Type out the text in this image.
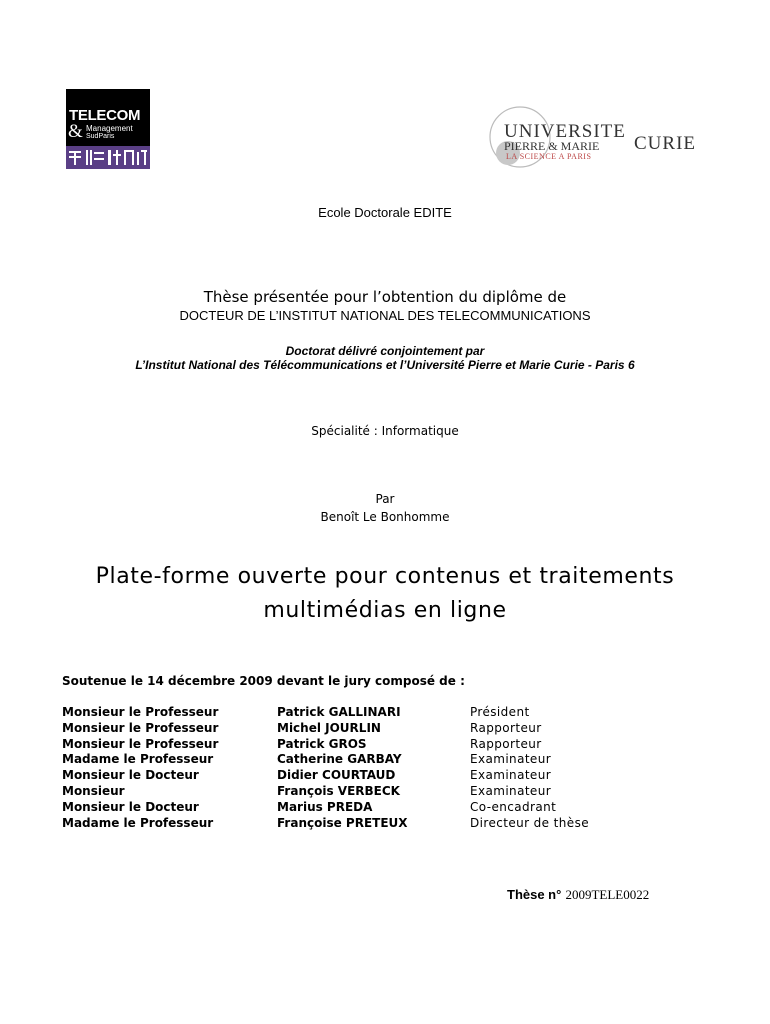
TELECOM
& Management
SudParis	UNIVERSITE
PIERRE & MARIE CURIE
LA SCIENCE A PARIS
Ecole Doctorale EDITE
Thèse présentée pour l’obtention du diplôme de
DOCTEUR DE L’INSTITUT NATIONAL DES TELECOMMUNICATIONS
Doctorat délivré conjointement par
L’Institut National des Télécommunications et l’Université Pierre et Marie Curie - Paris 6
Spécialité : Informatique
Par
Benoît Le Bonhomme
Plate-forme ouverte pour contenus et traitements
multimédias en ligne
Soutenue le 14 décembre 2009 devant le jury composé de :
Monsieur le Professeur	Patrick GALLINARI	Président
Monsieur le Professeur	Michel JOURLIN	Rapporteur
Monsieur le Professeur	Patrick GROS	Rapporteur
Madame le Professeur	Catherine GARBAY	Examinateur
Monsieur le Docteur	Didier COURTAUD	Examinateur
Monsieur	François VERBECK	Examinateur
Monsieur le Docteur	Marius PREDA	Co-encadrant
Madame le Professeur	Françoise PRETEUX	Directeur de thèse
Thèse n° 2009TELE0022
